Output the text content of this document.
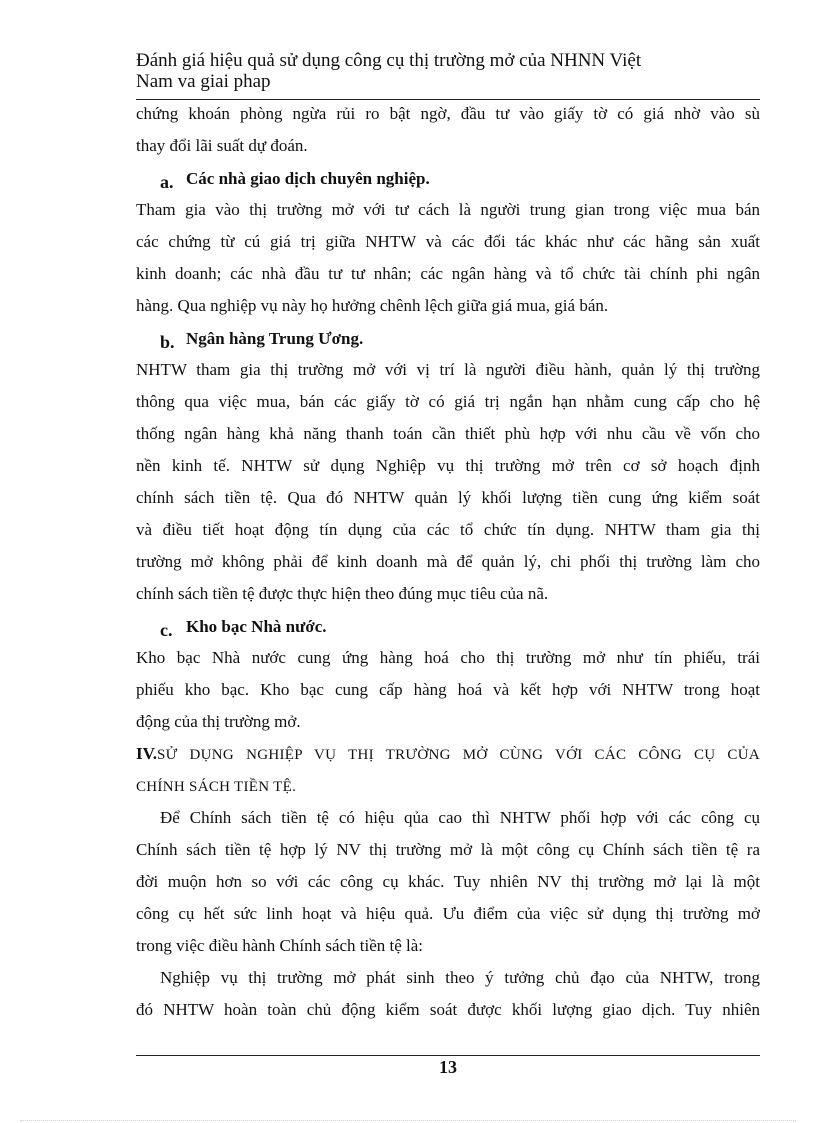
Đánh giá hiệu quả sử dụng công cụ thị trường mở của NHNN Việt
Nam va giai phap
chứng khoán phòng ngừa rủi ro bật ngờ, đầu tư vào giấy tờ có giá nhờ vào sù
thay đổi lãi suất dự đoán.
a. Các nhà giao dịch chuyên nghiệp.
Tham gia vào thị trường mở với tư cách là người trung gian trong việc mua bán
các chứng từ cú giá trị giữa NHTW và các đối tác khác như các hãng sản xuất
kinh doanh; các nhà đầu tư tư nhân; các ngân hàng và tổ chức tài chính phi ngân
hàng. Qua nghiệp vụ này họ hưởng chênh lệch giữa giá mua, giá bán.
b. Ngân hàng Trung Ương.
NHTW tham gia thị trường mở với vị trí là người điều hành, quản lý thị trường
thông qua việc mua, bán các giấy tờ có giá trị ngắn hạn nhằm cung cấp cho hệ
thống ngân hàng khả năng thanh toán cần thiết phù hợp với nhu cầu về vốn cho
nền kinh tế. NHTW sử dụng Nghiệp vụ thị trường mở trên cơ sở hoạch định
chính sách tiền tệ. Qua đó NHTW quản lý khối lượng tiền cung ứng kiểm soát
và điều tiết hoạt động tín dụng của các tổ chức tín dụng. NHTW tham gia thị
trường mở không phải để kinh doanh mà để quản lý, chi phối thị trường làm cho
chính sách tiền tệ được thực hiện theo đúng mục tiêu của nã.
c. Kho bạc Nhà nước.
Kho bạc Nhà nước cung ứng hàng hoá cho thị trường mở như tín phiếu, trái
phiếu kho bạc. Kho bạc cung cấp hàng hoá và kết hợp với NHTW trong hoạt
động của thị trường mở.
IV.SỬ DỤNG NGHIỆP VỤ THỊ TRƯỜNG MỞ CÙNG VỚI CÁC CÔNG CỤ CỦA
CHÍNH SÁCH TIỀN TỆ.
Để Chính sách tiền tệ có hiệu qủa cao thì NHTW phối hợp với các công cụ
Chính sách tiền tệ hợp lý NV thị trường mở là một công cụ Chính sách tiền tệ ra
đời muộn hơn so với các công cụ khác. Tuy nhiên NV thị trường mở lại là một
công cụ hết sức linh hoạt và hiệu quả. Ưu điểm của việc sử dụng thị trường mở
trong việc điều hành Chính sách tiền tệ là:
Nghiệp vụ thị trường mở phát sinh theo ý tưởng chủ đạo của NHTW, trong
đó NHTW hoàn toàn chủ động kiểm soát được khối lượng giao dịch. Tuy nhiên
13
